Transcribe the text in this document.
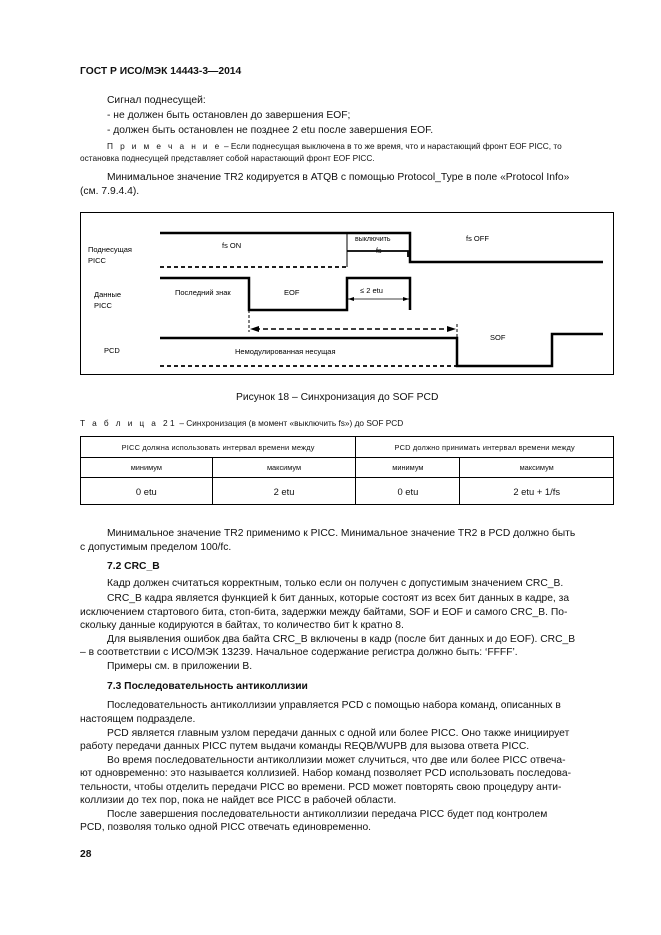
ГОСТ Р ИСО/МЭК 14443-3—2014
Сигнал поднесущей:
- не должен быть остановлен до завершения EOF;
- должен быть остановлен не позднее 2 etu после завершения EOF.
П р и м е ч а н и е – Если поднесущая выключена в то же время, что и нарастающий фронт EOF PICC, то
остановка поднесущей представляет собой нарастающий фронт EOF PICC.
Минимальное значение TR2 кодируется в ATQB с помощью Protocol_Type в поле «Protocol Info»
(см. 7.9.4.4).
Поднесущая
PICC
Данные
PICC
PCD
fs ON
выключить
fs
fs OFF
Последний знак	EOF	≤ 2 etu
SOF
Немодулированная несущая
Рисунок 18 – Синхронизация до SOF PCD
Т а б л и ц а 21 – Синхронизация (в момент «выключить fs») до SOF PCD
PICC должна использовать интервал времени между		PCD должно принимать интервал времени между	
минимум	максимум	минимум	максимум
0 etu	2 etu	0 etu	2 etu + 1/fs
Минимальное значение TR2 применимо к PICC. Минимальное значение TR2 в PCD должно быть
с допустимым пределом 100/fc.
7.2 CRC_B
Кадр должен считаться корректным, только если он получен с допустимым значением CRC_B.
CRC_B кадра является функцией k бит данных, которые состоят из всех бит данных в кадре, за
исключением стартового бита, стоп-бита, задержки между байтами, SOF и EOF и самого CRC_B. По-
скольку данные кодируются в байтах, то количество бит k кратно 8.
Для выявления ошибок два байта CRC_B включены в кадр (после бит данных и до EOF). CRC_B
– в соответствии с ИСО/МЭК 13239. Начальное содержание регистра должно быть: ‘FFFF’.
Примеры см. в приложении В.
7.3 Последовательность антиколлизии
Последовательность антиколлизии управляется PCD с помощью набора команд, описанных в
настоящем подразделе.
PCD является главным узлом передачи данных с одной или более PICC. Оно также инициирует
работу передачи данных PICC путем выдачи команды REQB/WUPB для вызова ответа PICC.
Во время последовательности антиколлизии может случиться, что две или более PICC отвеча-
ют одновременно: это называется коллизией. Набор команд позволяет PCD использовать последова-
тельности, чтобы отделить передачи PICC во времени. PCD может повторять свою процедуру анти-
коллизии до тех пор, пока не найдет все PICC в рабочей области.
После завершения последовательности антиколлизии передача PICC будет под контролем
PCD, позволяя только одной PICC отвечать единовременно.
28
